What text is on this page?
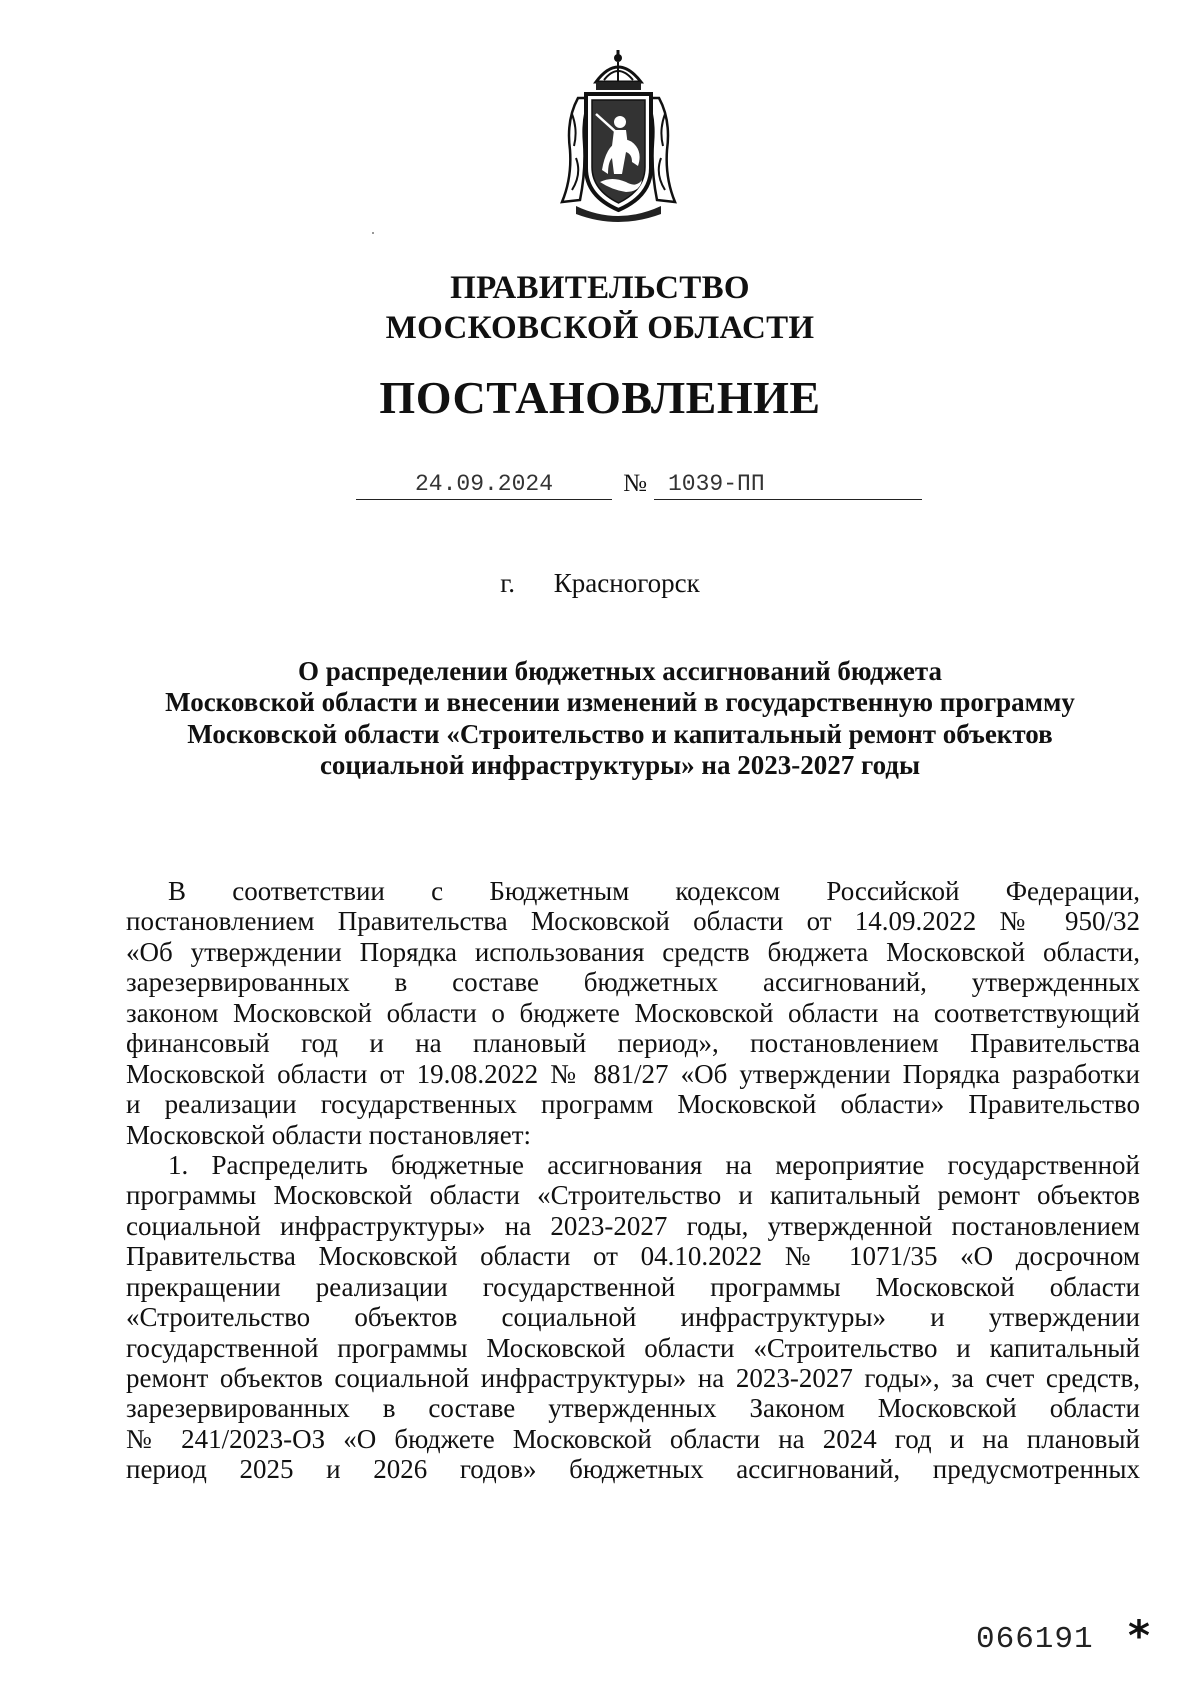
ПРАВИТЕЛЬСТВО
МОСКОВСКОЙ ОБЛАСТИ
ПОСТАНОВЛЕНИЕ
24.09.2024	№ 1039-ПП
г. Красногорск
О распределении бюджетных ассигнований бюджета
Московской области и внесении изменений в государственную программу
Московской области «Строительство и капитальный ремонт объектов
социальной инфраструктуры» на 2023-2027 годы
В соответствии с Бюджетным кодексом Российской Федерации,
постановлением Правительства Московской области от 14.09.2022 № 950/32
«Об утверждении Порядка использования средств бюджета Московской области,
зарезервированных в составе бюджетных ассигнований, утвержденных
законом Московской области о бюджете Московской области на соответствующий
финансовый год и на плановый период», постановлением Правительства
Московской области от 19.08.2022 № 881/27 «Об утверждении Порядка разработки
и реализации государственных программ Московской области» Правительство
Московской области постановляет:
1. Распределить бюджетные ассигнования на мероприятие государственной
программы Московской области «Строительство и капитальный ремонт объектов
социальной инфраструктуры» на 2023-2027 годы, утвержденной постановлением
Правительства Московской области от 04.10.2022 № 1071/35 «О досрочном
прекращении реализации государственной программы Московской области
«Строительство объектов социальной инфраструктуры» и утверждении
государственной программы Московской области «Строительство и капитальный
ремонт объектов социальной инфраструктуры» на 2023-2027 годы», за счет средств,
зарезервированных в составе утвержденных Законом Московской области
№ 241/2023-ОЗ «О бюджете Московской области на 2024 год и на плановый
период 2025 и 2026 годов» бюджетных ассигнований, предусмотренных
066191 *
